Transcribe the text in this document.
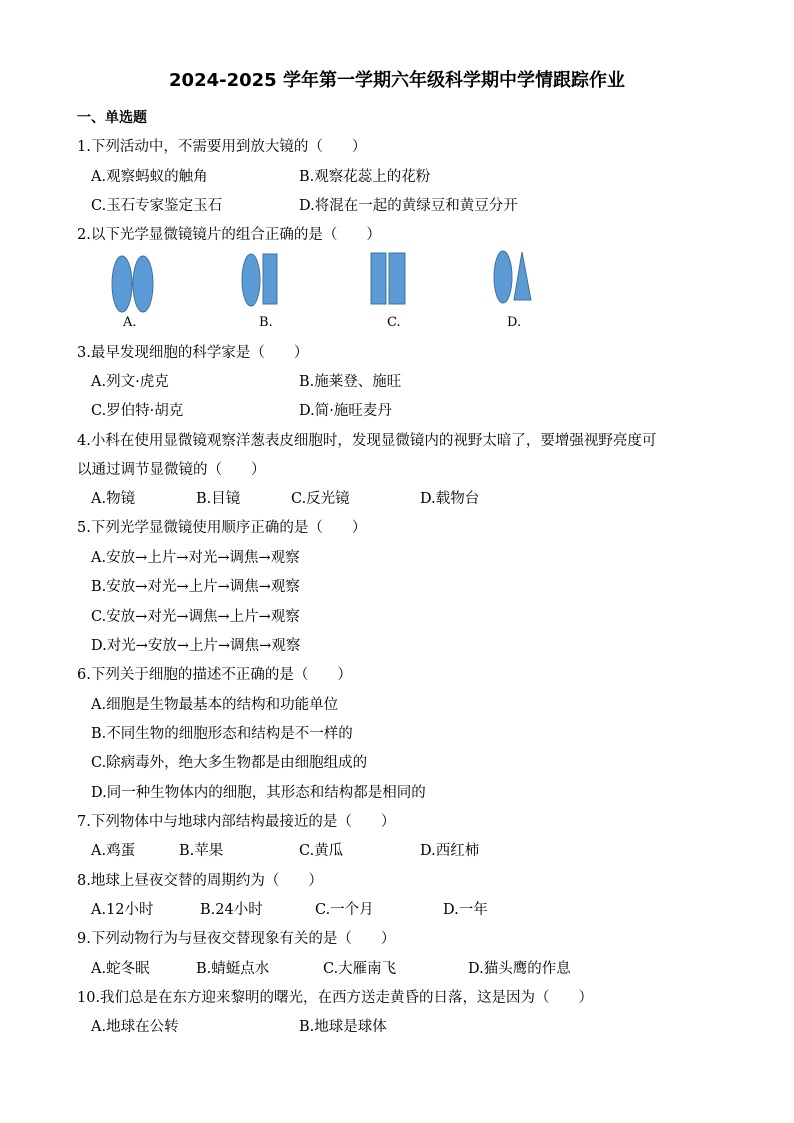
2024-2025 学年第一学期六年级科学期中学情跟踪作业
一、单选题
1.下列活动中，不需要用到放大镜的（　　）
A.观察蚂蚁的触角	B.观察花蕊上的花粉
C.玉石专家鉴定玉石	D.将混在一起的黄绿豆和黄豆分开
2.以下光学显微镜镜片的组合正确的是（　　）
A.	B.	C.	D.
3.最早发现细胞的科学家是（　　）
A.列文·虎克	B.施莱登、施旺
C.罗伯特·胡克	D.简·施旺麦丹
4.小科在使用显微镜观察洋葱表皮细胞时，发现显微镜内的视野太暗了，要增强视野亮度可
以通过调节显微镜的（　　）
A.物镜	B.目镜	C.反光镜	D.载物台
5.下列光学显微镜使用顺序正确的是（　　）
A.安放→上片→对光→调焦→观察
B.安放→对光→上片→调焦→观察
C.安放→对光→调焦→上片→观察
D.对光→安放→上片→调焦→观察
6.下列关于细胞的描述不正确的是（　　）
A.细胞是生物最基本的结构和功能单位
B.不同生物的细胞形态和结构是不一样的
C.除病毒外，绝大多生物都是由细胞组成的
D.同一种生物体内的细胞，其形态和结构都是相同的
7.下列物体中与地球内部结构最接近的是（　　）
A.鸡蛋	B.苹果	C.黄瓜	D.西红柿
8.地球上昼夜交替的周期约为（　　）
A.12小时	B.24小时	C.一个月	D.一年
9.下列动物行为与昼夜交替现象有关的是（　　）
A.蛇冬眠	B.蜻蜓点水	C.大雁南飞	D.猫头鹰的作息
10.我们总是在东方迎来黎明的曙光，在西方送走黄昏的日落，这是因为（　　）
A.地球在公转	B.地球是球体
